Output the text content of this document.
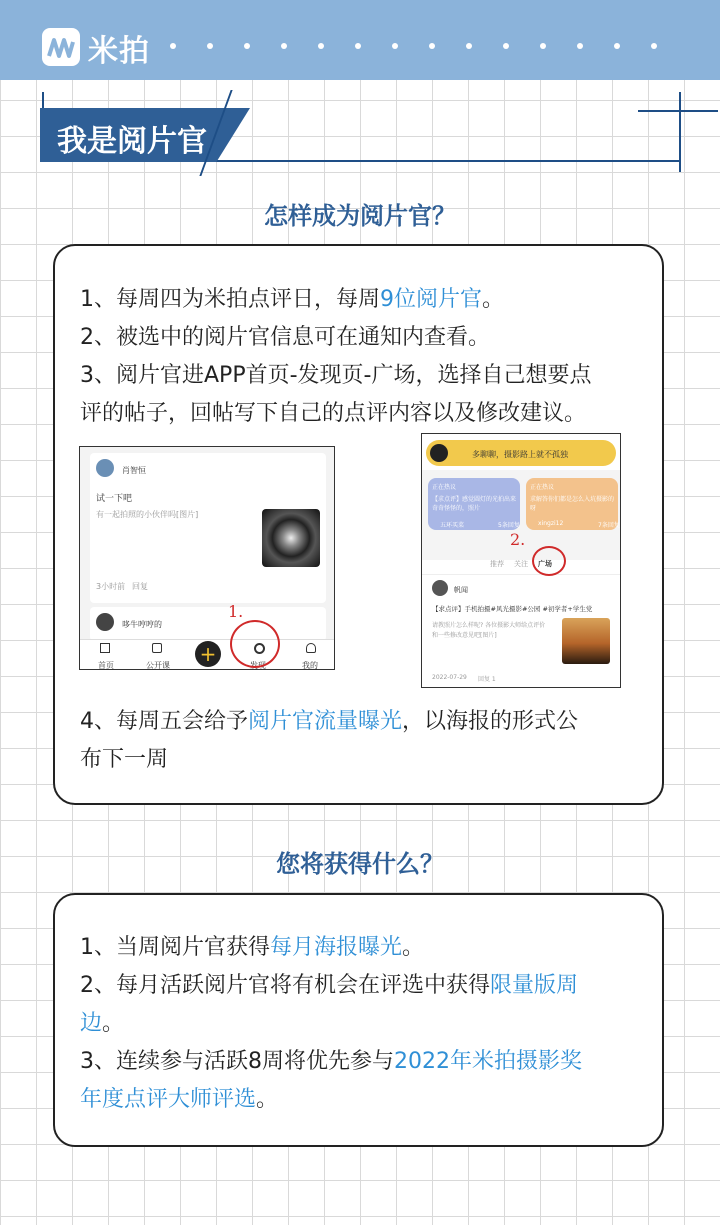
米拍
我是阅片官
怎样成为阅片官？
1、每周四为米拍点评日，每周9位阅片官。
2、被选中的阅片官信息可在通知内查看。
3、阅片官进APP首页-发现页-广场，选择自己想要点
评的帖子，回帖写下自己的点评内容以及修改建议。
肖智恒
试一下吧
有一起拍照的小伙伴吗[图片]
3小时前 回复
哆牛哼哼的
首页	公开课 +	发现	我的
1.
多聊聊，摄影路上就不孤独
正在热议
【求点评】感觉圆灯的光拍出来奇奇怪怪的，照片
五环买菜	5条回复
正在热议
求解答你们都是怎么入坑摄影的呀
xingzi12	7条回复
推荐 关注 广场
帆闻
【求点评】手机拍摄#风光摄影#公园 #初学者+学生党
请教照片怎么样呢? 各位摄影大师给点评价
和一些修改意见吧[图片]
2022-07-29 回复 1
2.
4、每周五会给予阅片官流量曝光，以海报的形式公
布下一周
您将获得什么？
1、当周阅片官获得每月海报曝光。
2、每月活跃阅片官将有机会在评选中获得限量版周
边。
3、连续参与活跃8周将优先参与2022年米拍摄影奖
年度点评大师评选。
